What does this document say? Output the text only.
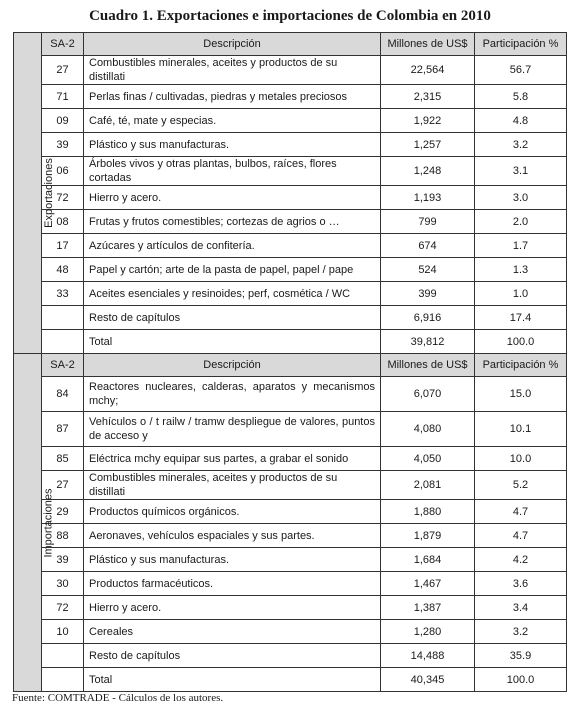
Cuadro 1. Exportaciones e importaciones de Colombia en 2010
Exportaciones	SA-2	Descripción	Millones de US$	Participación %
	27	Combustibles minerales, aceites y productos de su distillati	22,564	56.7
	71	Perlas finas / cultivadas, piedras y metales preciosos	2,315	5.8
	09	Café, té, mate y especias.	1,922	4.8
	39	Plástico y sus manufacturas.	1,257	3.2
	06	Árboles vivos y otras plantas, bulbos, raíces, flores cortadas	1,248	3.1
	72	Hierro y acero.	1,193	3.0
	08	Frutas y frutos comestibles; cortezas de agrios o …	799	2.0
	17	Azúcares y artículos de confitería.	674	1.7
	48	Papel y cartón; arte de la pasta de papel, papel / pape	524	1.3
	33	Aceites esenciales y resinoides; perf, cosmética / WC	399	1.0
		Resto de capítulos	6,916	17.4
		Total	39,812	100.0
Importaciones	SA-2	Descripción	Millones de US$	Participación %
	84	Reactores nucleares, calderas, aparatos y mecanismos mchy;	6,070	15.0
	87	Vehículos o / t railw / tramw despliegue de valores, puntos de acceso y	4,080	10.1
	85	Eléctrica mchy equipar sus partes, a grabar el sonido	4,050	10.0
	27	Combustibles minerales, aceites y productos de su distillati	2,081	5.2
	29	Productos químicos orgánicos.	1,880	4.7
	88	Aeronaves, vehículos espaciales y sus partes.	1,879	4.7
	39	Plástico y sus manufacturas.	1,684	4.2
	30	Productos farmacéuticos.	1,467	3.6
	72	Hierro y acero.	1,387	3.4
	10	Cereales	1,280	3.2
		Resto de capítulos	14,488	35.9
		Total	40,345	100.0
Fuente: COMTRADE - Cálculos de los autores.
